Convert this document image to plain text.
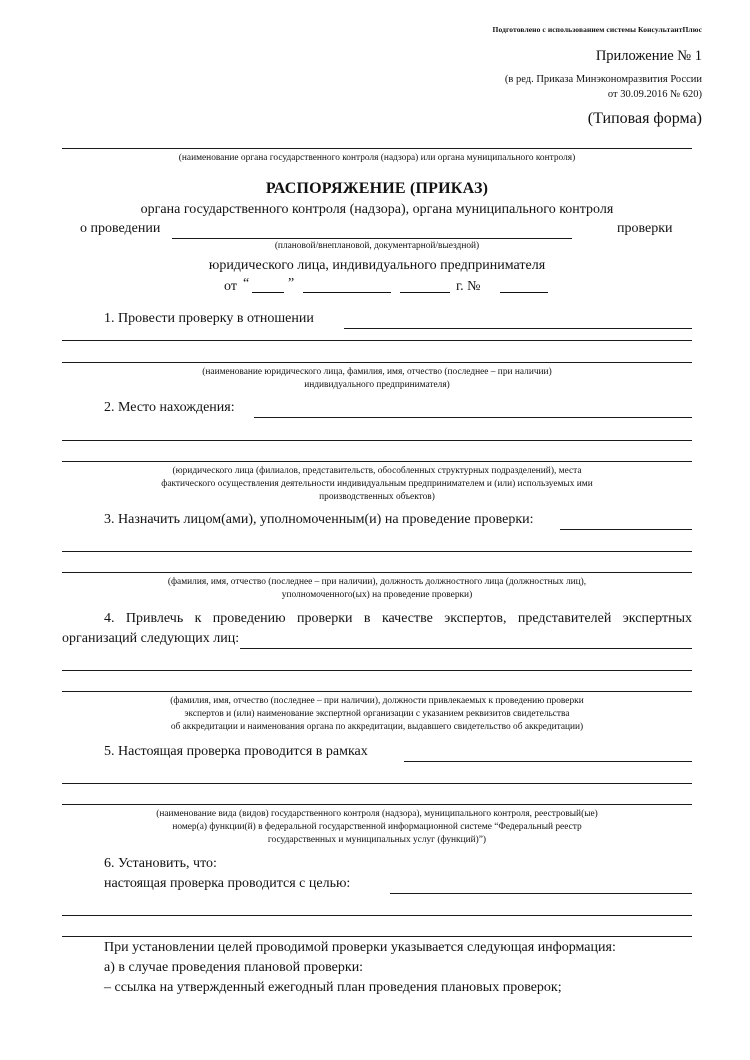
Подготовлено с использованием системы КонсультантПлюс
Приложение № 1
(в ред. Приказа Минэкономразвития России
от 30.09.2016 № 620)
(Типовая форма)
(наименование органа государственного контроля (надзора) или органа муниципального контроля)
РАСПОРЯЖЕНИЕ (ПРИКАЗ)
органа государственного контроля (надзора), органа муниципального контроля
о проведении	проверки
(плановой/внеплановой, документарной/выездной)
юридического лица, индивидуального предпринимателя
от “	”	г. №
1. Провести проверку в отношении
(наименование юридического лица, фамилия, имя, отчество (последнее – при наличии)
индивидуального предпринимателя)
2. Место нахождения:
(юридического лица (филиалов, представительств, обособленных структурных подразделений), места
фактического осуществления деятельности индивидуальным предпринимателем и (или) используемых ими
производственных объектов)
3. Назначить лицом(ами), уполномоченным(и) на проведение проверки:
(фамилия, имя, отчество (последнее – при наличии), должность должностного лица (должностных лиц),
уполномоченного(ых) на проведение проверки)
4. Привлечь к проведению проверки в качестве экспертов, представителей экспертных
организаций следующих лиц:
(фамилия, имя, отчество (последнее – при наличии), должности привлекаемых к проведению проверки
экспертов и (или) наименование экспертной организации с указанием реквизитов свидетельства
об аккредитации и наименования органа по аккредитации, выдавшего свидетельство об аккредитации)
5. Настоящая проверка проводится в рамках
(наименование вида (видов) государственного контроля (надзора), муниципального контроля, реестровый(ые)
номер(а) функции(й) в федеральной государственной информационной системе “Федеральный реестр
государственных и муниципальных услуг (функций)”)
6. Установить, что:
настоящая проверка проводится с целью:
При установлении целей проводимой проверки указывается следующая информация:
а) в случае проведения плановой проверки:
– ссылка на утвержденный ежегодный план проведения плановых проверок;
